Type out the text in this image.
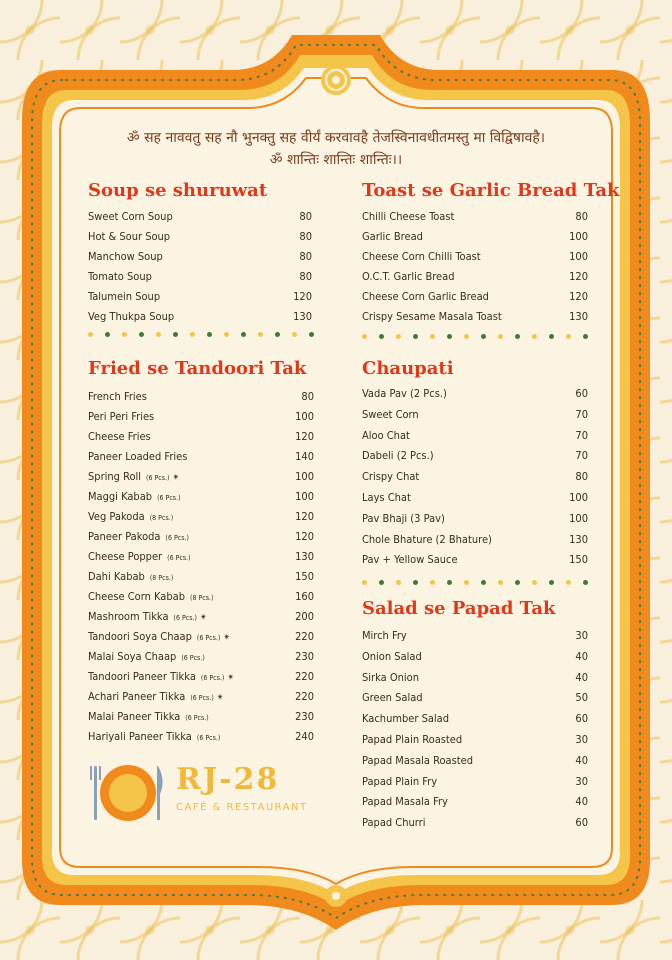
ॐ सह नाववतु सह नौ भुनक्तु सह वीर्यं करवावहै तेजस्विनावधीतमस्तु मा विद्विषावहै।
ॐ शान्तिः शान्तिः शान्तिः।।
Soup se shuruwat
Sweet Corn Soup	80
Hot & Sour Soup	80
Manchow Soup	80
Tomato Soup	80
Talumein Soup	120
Veg Thukpa Soup	130
Toast se Garlic Bread Tak
Chilli Cheese Toast	80
Garlic Bread	100
Cheese Corn Chilli Toast	100
O.C.T. Garlic Bread	120
Cheese Corn Garlic Bread	120
Crispy Sesame Masala Toast	130
Fried se Tandoori Tak
French Fries	80
Peri Peri Fries	100
Cheese Fries	120
Paneer Loaded Fries	140
Spring Roll (6 Pcs.) ✴	100
Maggi Kabab (6 Pcs.)	100
Veg Pakoda (8 Pcs.)	120
Paneer Pakoda (6 Pcs.)	120
Cheese Popper (6 Pcs.)	130
Dahi Kabab (8 Pcs.)	150
Cheese Corn Kabab (8 Pcs.)	160
Mashroom Tikka (6 Pcs.) ✴	200
Tandoori Soya Chaap (6 Pcs.) ✴	220
Malai Soya Chaap (6 Pcs.)	230
Tandoori Paneer Tikka (6 Pcs.) ✴	220
Achari Paneer Tikka (6 Pcs.) ✴	220
Malai Paneer Tikka (6 Pcs.)	230
Hariyali Paneer Tikka (6 Pcs.)	240
Chaupati
Vada Pav (2 Pcs.)	60
Sweet Corn	70
Aloo Chat	70
Dabeli (2 Pcs.)	70
Crispy Chat	80
Lays Chat	100
Pav Bhaji (3 Pav)	100
Chole Bhature (2 Bhature)	130
Pav + Yellow Sauce	150
Salad se Papad Tak
Mirch Fry	30
Onion Salad	40
Sirka Onion	40
Green Salad	50
Kachumber Salad	60
Papad Plain Roasted	30
Papad Masala Roasted	40
Papad Plain Fry	30
Papad Masala Fry	40
Papad Churri	60
RJ-28
CAFÉ & RESTAURANT
